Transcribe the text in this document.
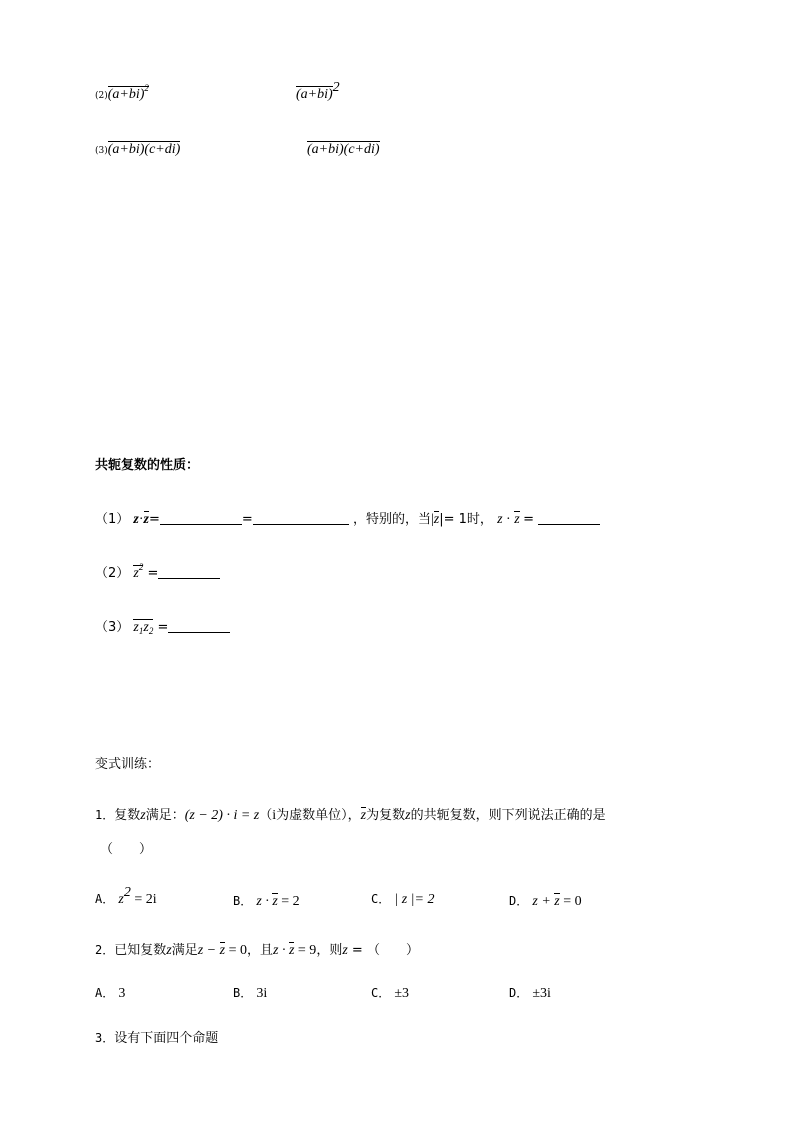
$(2)(a+bi)^2$	$(a+bi)^2$
(3)(a+bi)(c+di)	(a+bi)(c+di)
共轭复数的性质：
（1） z·z=	=	，特别的，当|z|= 1时， z · z =
（2） $z^2$ =
（3） $z_1z_2$ =
变式训练：
1．复数z满足：(z − 2) · i = z（i为虚数单位），z为复数z的共轭复数，则下列说法正确的是
（　　）
A． $z^2 = 2i$	B． z · z = 2	C． | z |= 2	D． z + z = 0
2．已知复数z满足z − z = 0，且z · z = 9，则z = （　　）
A． 3	B． 3i	C． ±3	D． ±3i
3．设有下面四个命题
